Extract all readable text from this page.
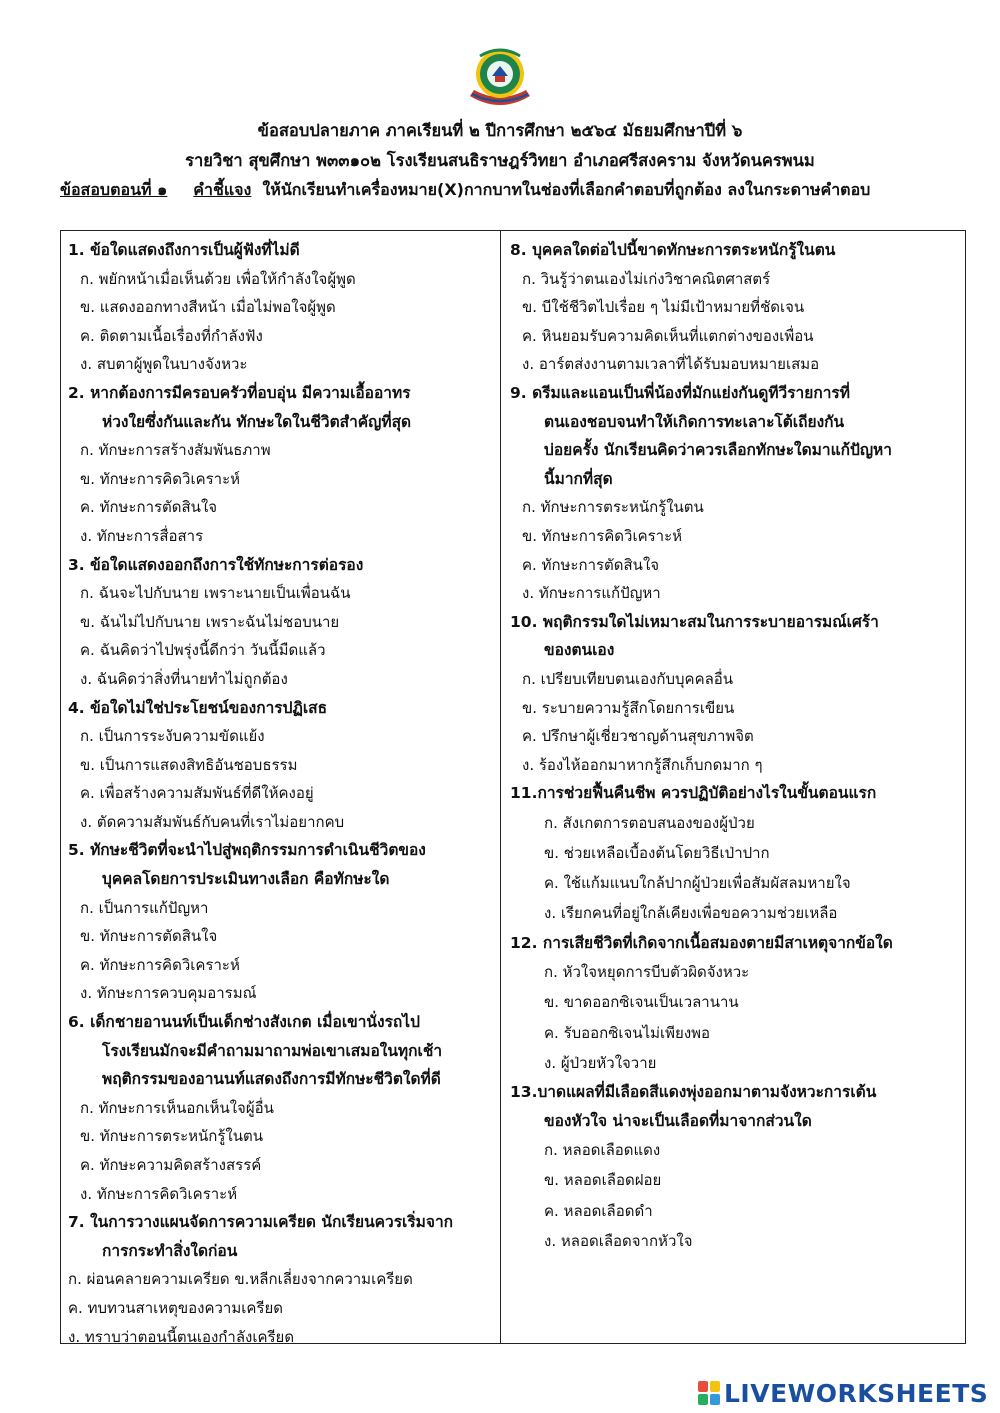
ข้อสอบปลายภาค ภาคเรียนที่ ๒ ปีการศึกษา ๒๕๖๔ มัธยมศึกษาปีที่ ๖
รายวิชา สุขศึกษา พ๓๓๑๐๒ โรงเรียนสนธิราษฎร์วิทยา อำเภอศรีสงคราม จังหวัดนครพนม
ข้อสอบตอนที่ ๑ คำชี้แจง ให้นักเรียนทำเครื่องหมาย(X)กากบาทในช่องที่เลือกคำตอบที่ถูกต้อง ลงในกระดาษคำตอบ
1. ข้อใดแสดงถึงการเป็นผู้ฟังที่ไม่ดี
ก. พยักหน้าเมื่อเห็นด้วย เพื่อให้กำลังใจผู้พูด
ข. แสดงออกทางสีหน้า เมื่อไม่พอใจผู้พูด
ค. ติดตามเนื้อเรื่องที่กำลังฟัง
ง. สบตาผู้พูดในบางจังหวะ
2. หากต้องการมีครอบครัวที่อบอุ่น มีความเอื้ออาทร
ห่วงใยซึ่งกันและกัน ทักษะใดในชีวิตสำคัญที่สุด
ก. ทักษะการสร้างสัมพันธภาพ
ข. ทักษะการคิดวิเคราะห์
ค. ทักษะการตัดสินใจ
ง. ทักษะการสื่อสาร
3. ข้อใดแสดงออกถึงการใช้ทักษะการต่อรอง
ก. ฉันจะไปกับนาย เพราะนายเป็นเพื่อนฉัน
ข. ฉันไม่ไปกับนาย เพราะฉันไม่ชอบนาย
ค. ฉันคิดว่าไปพรุ่งนี้ดีกว่า วันนี้มืดแล้ว
ง. ฉันคิดว่าสิ่งที่นายทำไม่ถูกต้อง
4. ข้อใดไม่ใช่ประโยชน์ของการปฏิเสธ
ก. เป็นการระงับความขัดแย้ง
ข. เป็นการแสดงสิทธิอันชอบธรรม
ค. เพื่อสร้างความสัมพันธ์ที่ดีให้คงอยู่
ง. ตัดความสัมพันธ์กับคนที่เราไม่อยากคบ
5. ทักษะชีวิตที่จะนำไปสู่พฤติกรรมการดำเนินชีวิตของ
บุคคลโดยการประเมินทางเลือก คือทักษะใด
ก. เป็นการแก้ปัญหา
ข. ทักษะการตัดสินใจ
ค. ทักษะการคิดวิเคราะห์
ง. ทักษะการควบคุมอารมณ์
6. เด็กชายอานนท์เป็นเด็กช่างสังเกต เมื่อเขานั่งรถไป
โรงเรียนมักจะมีคำถามมาถามพ่อเขาเสมอในทุกเช้า
พฤติกรรมของอานนท์แสดงถึงการมีทักษะชีวิตใดที่ดี
ก. ทักษะการเห็นอกเห็นใจผู้อื่น
ข. ทักษะการตระหนักรู้ในตน
ค. ทักษะความคิดสร้างสรรค์
ง. ทักษะการคิดวิเคราะห์
7. ในการวางแผนจัดการความเครียด นักเรียนควรเริ่มจาก
การกระทำสิ่งใดก่อน
ก. ผ่อนคลายความเครียด ข.หลีกเลี่ยงจากความเครียด
ค. ทบทวนสาเหตุของความเครียด
ง. ทราบว่าตอนนี้ตนเองกำลังเครียด
8. บุคคลใดต่อไปนี้ขาดทักษะการตระหนักรู้ในตน
ก. วินรู้ว่าตนเองไม่เก่งวิชาคณิตศาสตร์
ข. บีใช้ชีวิตไปเรื่อย ๆ ไม่มีเป้าหมายที่ชัดเจน
ค. หินยอมรับความคิดเห็นที่แตกต่างของเพื่อน
ง. อาร์ตส่งงานตามเวลาที่ได้รับมอบหมายเสมอ
9. ดรีมและแอนเป็นพี่น้องที่มักแย่งกันดูทีวีรายการที่
ตนเองชอบจนทำให้เกิดการทะเลาะโต้เถียงกัน
บ่อยครั้ง นักเรียนคิดว่าควรเลือกทักษะใดมาแก้ปัญหา
นี้มากที่สุด
ก. ทักษะการตระหนักรู้ในตน
ข. ทักษะการคิดวิเคราะห์
ค. ทักษะการตัดสินใจ
ง. ทักษะการแก้ปัญหา
10. พฤติกรรมใดไม่เหมาะสมในการระบายอารมณ์เศร้า
ของตนเอง
ก. เปรียบเทียบตนเองกับบุคคลอื่น
ข. ระบายความรู้สึกโดยการเขียน
ค. ปรึกษาผู้เชี่ยวชาญด้านสุขภาพจิต
ง. ร้องไห้ออกมาหากรู้สึกเก็บกดมาก ๆ
11.การช่วยฟื้นคืนชีพ ควรปฏิบัติอย่างไรในขั้นตอนแรก
ก. สังเกตการตอบสนองของผู้ป่วย
ข. ช่วยเหลือเบื้องต้นโดยวิธีเป่าปาก
ค. ใช้แก้มแนบใกล้ปากผู้ป่วยเพื่อสัมผัสลมหายใจ
ง. เรียกคนที่อยู่ใกล้เคียงเพื่อขอความช่วยเหลือ
12. การเสียชีวิตที่เกิดจากเนื้อสมองตายมีสาเหตุจากข้อใด
ก. หัวใจหยุดการบีบตัวผิดจังหวะ
ข. ขาดออกซิเจนเป็นเวลานาน
ค. รับออกซิเจนไม่เพียงพอ
ง. ผู้ป่วยหัวใจวาย
13.บาดแผลที่มีเลือดสีแดงพุ่งออกมาตามจังหวะการเต้น
ของหัวใจ น่าจะเป็นเลือดที่มาจากส่วนใด
ก. หลอดเลือดแดง
ข. หลอดเลือดฝอย
ค. หลอดเลือดดำ
ง. หลอดเลือดจากหัวใจ
LIVEWORKSHEETS
